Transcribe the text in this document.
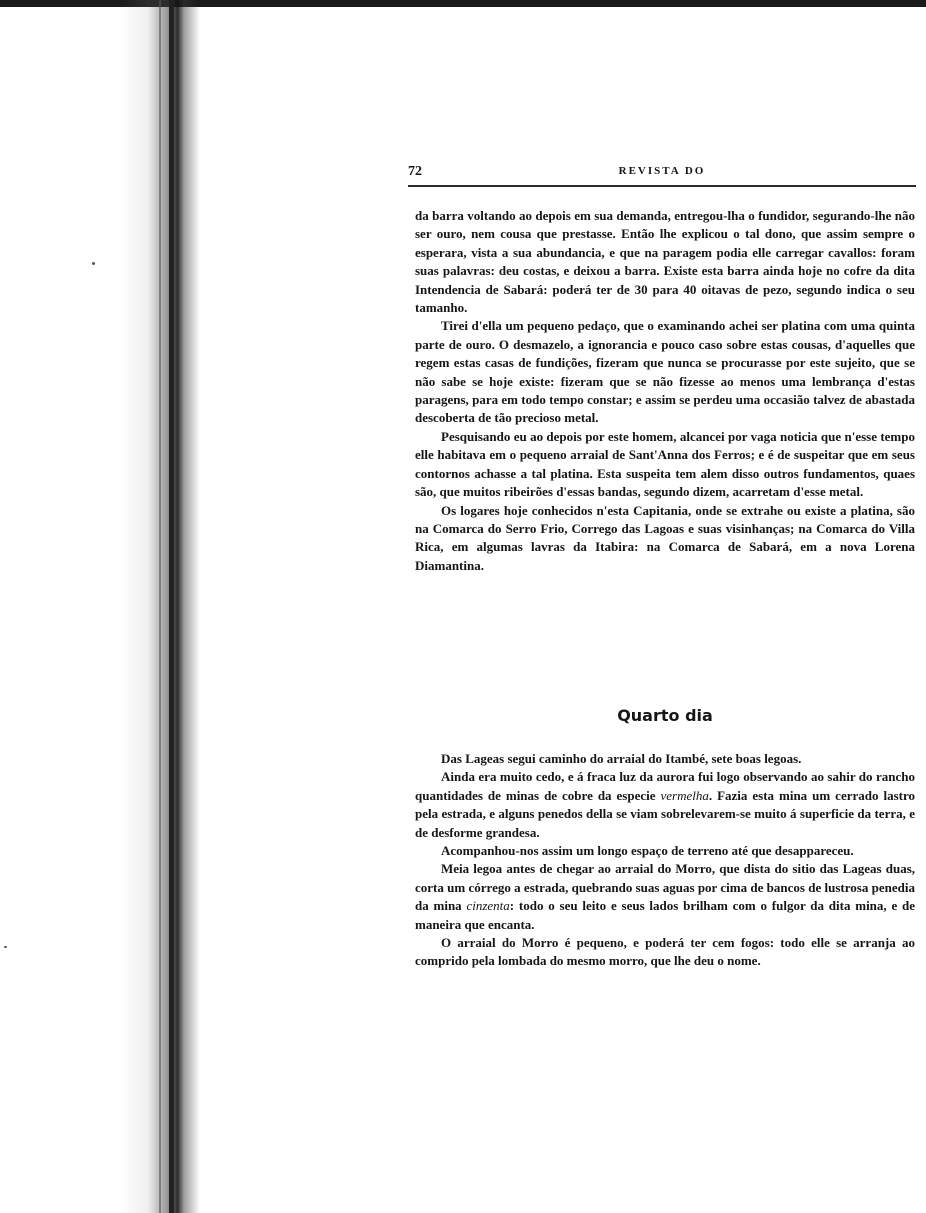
72	REVISTA DO

da barra voltando ao depois em sua demanda, entregou-lha o fundidor, segurando-lhe não ser ouro, nem cousa que prestasse. Então lhe explicou o tal dono, que assim sempre o esperara, vista a sua abundancia, e que na paragem podia elle carregar cavallos: foram suas palavras: deu costas, e deixou a barra. Existe esta barra ainda hoje no cofre da dita Intendencia de Sabará: poderá ter de 30 para 40 oitavas de pezo, segundo indica o seu tamanho.

Tirei d'ella um pequeno pedaço, que o examinando achei ser platina com uma quinta parte de ouro. O desmazelo, a ignorancia e pouco caso sobre estas cousas, d'aquelles que regem estas casas de fundições, fizeram que nunca se procurasse por este sujeito, que se não sabe se hoje existe: fizeram que se não fizesse ao menos uma lembrança d'estas paragens, para em todo tempo constar; e assim se perdeu uma occasião talvez de abastada descoberta de tão precioso metal.

Pesquisando eu ao depois por este homem, alcancei por vaga noticia que n'esse tempo elle habitava em o pequeno arraial de Sant'Anna dos Ferros; e é de suspeitar que em seus contornos achasse a tal platina. Esta suspeita tem alem disso outros fundamentos, quaes são, que muitos ribeirões d'essas bandas, segundo dizem, acarretam d'esse metal.

Os logares hoje conhecidos n'esta Capitania, onde se extrahe ou existe a platina, são na Comarca do Serro Frio, Corrego das Lagoas e suas visinhanças; na Comarca do Villa Rica, em algumas lavras da Itabira: na Comarca de Sabará, em a nova Lorena Diamantina.

Quarto dia

Das Lageas segui caminho do arraial do Itambé, sete boas legoas.

Ainda era muito cedo, e á fraca luz da aurora fui logo observando ao sahir do rancho quantidades de minas de cobre da especie vermelha. Fazia esta mina um cerrado lastro pela estrada, e alguns penedos della se viam sobrelevarem-se muito á superficie da terra, e de desforme grandesa.

Acompanhou-nos assim um longo espaço de terreno até que desappareceu.

Meia legoa antes de chegar ao arraial do Morro, que dista do sitio das Lageas duas, corta um córrego a estrada, quebrando suas aguas por cima de bancos de lustrosa penedia da mina cinzenta: todo o seu leito e seus lados brilham com o fulgor da dita mina, e de maneira que encanta.

O arraial do Morro é pequeno, e poderá ter cem fogos: todo elle se arranja ao comprido pela lombada do mesmo morro, que lhe deu o nome.
